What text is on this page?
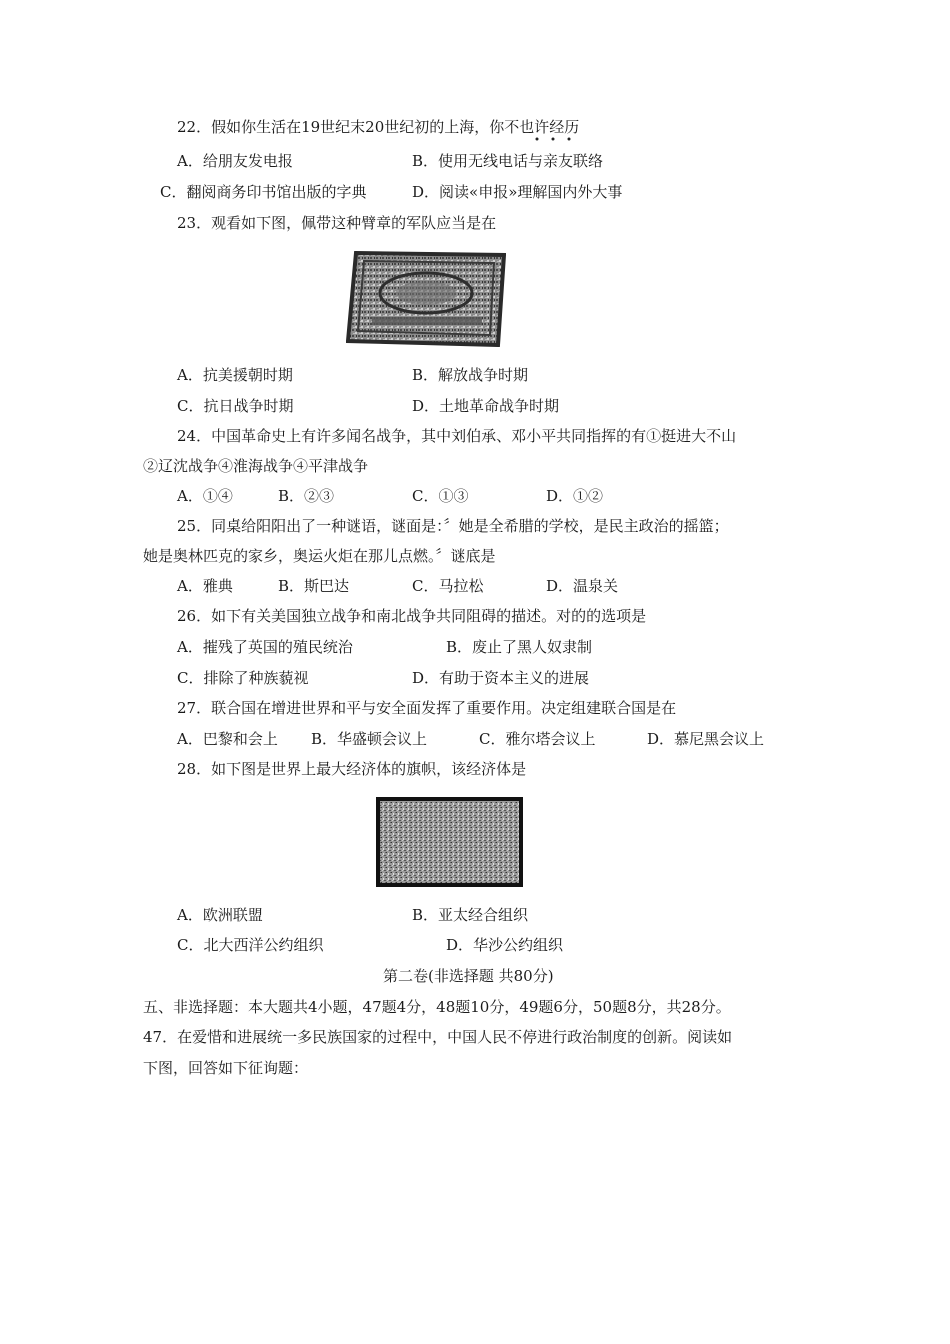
22．假如你生活在19世纪末20世纪初的上海，你不也许经历
A．给朋友发电报	B．使用无线电话与亲友联络
C．翻阅商务印书馆出版的字典	D．阅读«申报»理解国内外大事
23．观看如下图，佩带这种臂章的军队应当是在
A．抗美援朝时期	B．解放战争时期
C．抗日战争时期	D．土地革命战争时期
24．中国革命史上有许多闻名战争，其中刘伯承、邓小平共同指挥的有①挺进大不山
②辽沈战争④淮海战争④平津战争
A．①④	B．②③	C．①③	D．①②
25．同桌给阳阳出了一种谜语，谜面是：〞她是全希腊的学校，是民主政治的摇篮；
她是奥林匹克的家乡，奥运火炬在那儿点燃。〞谜底是
A．雅典	B．斯巴达	C．马拉松	D．温泉关
26．如下有关美国独立战争和南北战争共同阻碍的描述。对的的选项是
A．摧残了英国的殖民统治	B．废止了黑人奴隶制
C．排除了种族藐视	D．有助于资本主义的进展
27．联合国在增进世界和平与安全面发挥了重要作用。决定组建联合国是在
A．巴黎和会上 B．华盛顿会议上	C．雅尔塔会议上	D．慕尼黑会议上
28．如下图是世界上最大经济体的旗帜，该经济体是
A．欧洲联盟	B．亚太经合组织
C．北大西洋公约组织	D．华沙公约组织
第二卷(非选择题 共80分)
五、非选择题：本大题共4小题，47题4分，48题10分，49题6分，50题8分，共28分。
47．在爱惜和进展统一多民族国家的过程中，中国人民不停进行政治制度的创新。阅读如
下图，回答如下征询题：
